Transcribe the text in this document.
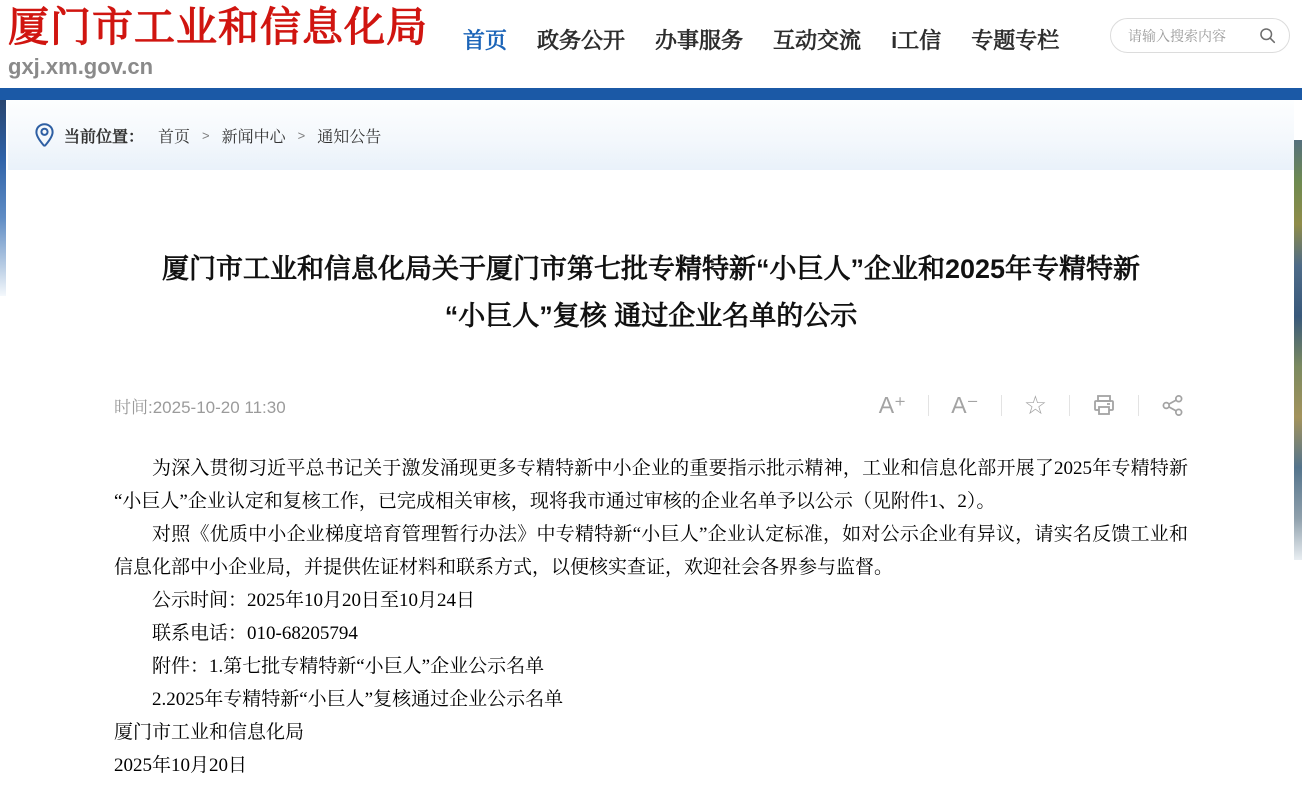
厦门市工业和信息化局
gxj.xm.gov.cn
首页 政务公开 办事服务 互动交流 i工信 专题专栏
请输入搜索内容
当前位置： 首页 > 新闻中心 > 通知公告
厦门市工业和信息化局关于厦门市第七批专精特新“小巨人”企业和2025年专精特新
“小巨人”复核 通过企业名单的公示
时间:2025-10-20 11:30	A⁺ A⁻ ☆

为深入贯彻习近平总书记关于激发涌现更多专精特新中小企业的重要指示批示精神，工业和信息化部开展了2025年专精特新“小巨人”企业认定和复核工作，已完成相关审核，现将我市通过审核的企业名单予以公示（见附件1、2）。

对照《优质中小企业梯度培育管理暂行办法》中专精特新“小巨人”企业认定标准，如对公示企业有异议，请实名反馈工业和信息化部中小企业局，并提供佐证材料和联系方式，以便核实查证，欢迎社会各界参与监督。

公示时间：2025年10月20日至10月24日

联系电话：010-68205794

附件：1.第七批专精特新“小巨人”企业公示名单

2.2025年专精特新“小巨人”复核通过企业公示名单

厦门市工业和信息化局

2025年10月20日
